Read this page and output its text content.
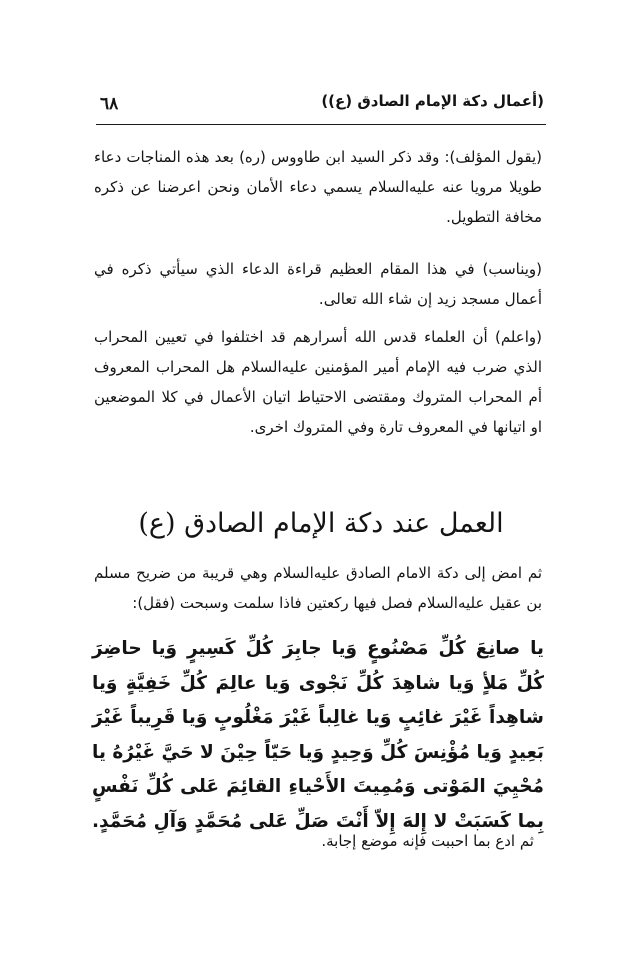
٦٨	(أعمال دكة الإمام الصادق (ع))

(يقول المؤلف): وقد ذكر السيد ابن طاووس (ره) بعد هذه المناجات دعاء طويلا مرويا عنه عليه‌السلام يسمي دعاء الأمان ونحن اعرضنا عن ذكره مخافة التطويل.

(ويناسب) في هذا المقام العظيم قراءة الدعاء الذي سيأتي ذكره في أعمال مسجد زيد إن شاء الله تعالى.

(واعلم) أن العلماء قدس الله أسرارهم قد اختلفوا في تعيين المحراب الذي ضرب فيه الإمام أمير المؤمنين عليه‌السلام هل المحراب المعروف أم المحراب المتروك ومقتضى الاحتياط اتيان الأعمال في كلا الموضعين او اتيانها في المعروف تارة وفي المتروك اخرى.

العمل عند دكة الإمام الصادق (ع)

ثم امض إلى دكة الامام الصادق عليه‌السلام وهي قريبة من ضريح مسلم بن عقيل عليه‌السلام فصل فيها ركعتين فاذا سلمت وسبحت (فقل):

يا صانِعَ كُلِّ مَصْنُوعٍ وَيا جابِرَ كُلِّ كَسِيرٍ وَيا حاضِرَ كُلِّ مَلأٍ وَيا شاهِدَ كُلِّ نَجْوى وَيا عالِمَ كُلِّ خَفِيَّةٍ وَيا شاهِداً غَيْرَ غائِبٍ وَيا غالِباً غَيْرَ مَغْلُوبٍ وَيا قَرِيباً غَيْرَ بَعِيدٍ وَيا مُؤْنِسَ كُلِّ وَحِيدٍ وَيا حَيّاً حِيْنَ لا حَيَّ غَيْرُهُ يا مُحْيِيَ المَوْتى وَمُمِيتَ الأَحْياءِ القائِمَ عَلى كُلِّ نَفْسٍ بِما كَسَبَتْ لا إِلهَ إِلاّ أَنْتَ صَلِّ عَلى مُحَمَّدٍ وَآلِ مُحَمَّدٍ.

ثم ادع بما احببت فإنه موضع إجابة.
